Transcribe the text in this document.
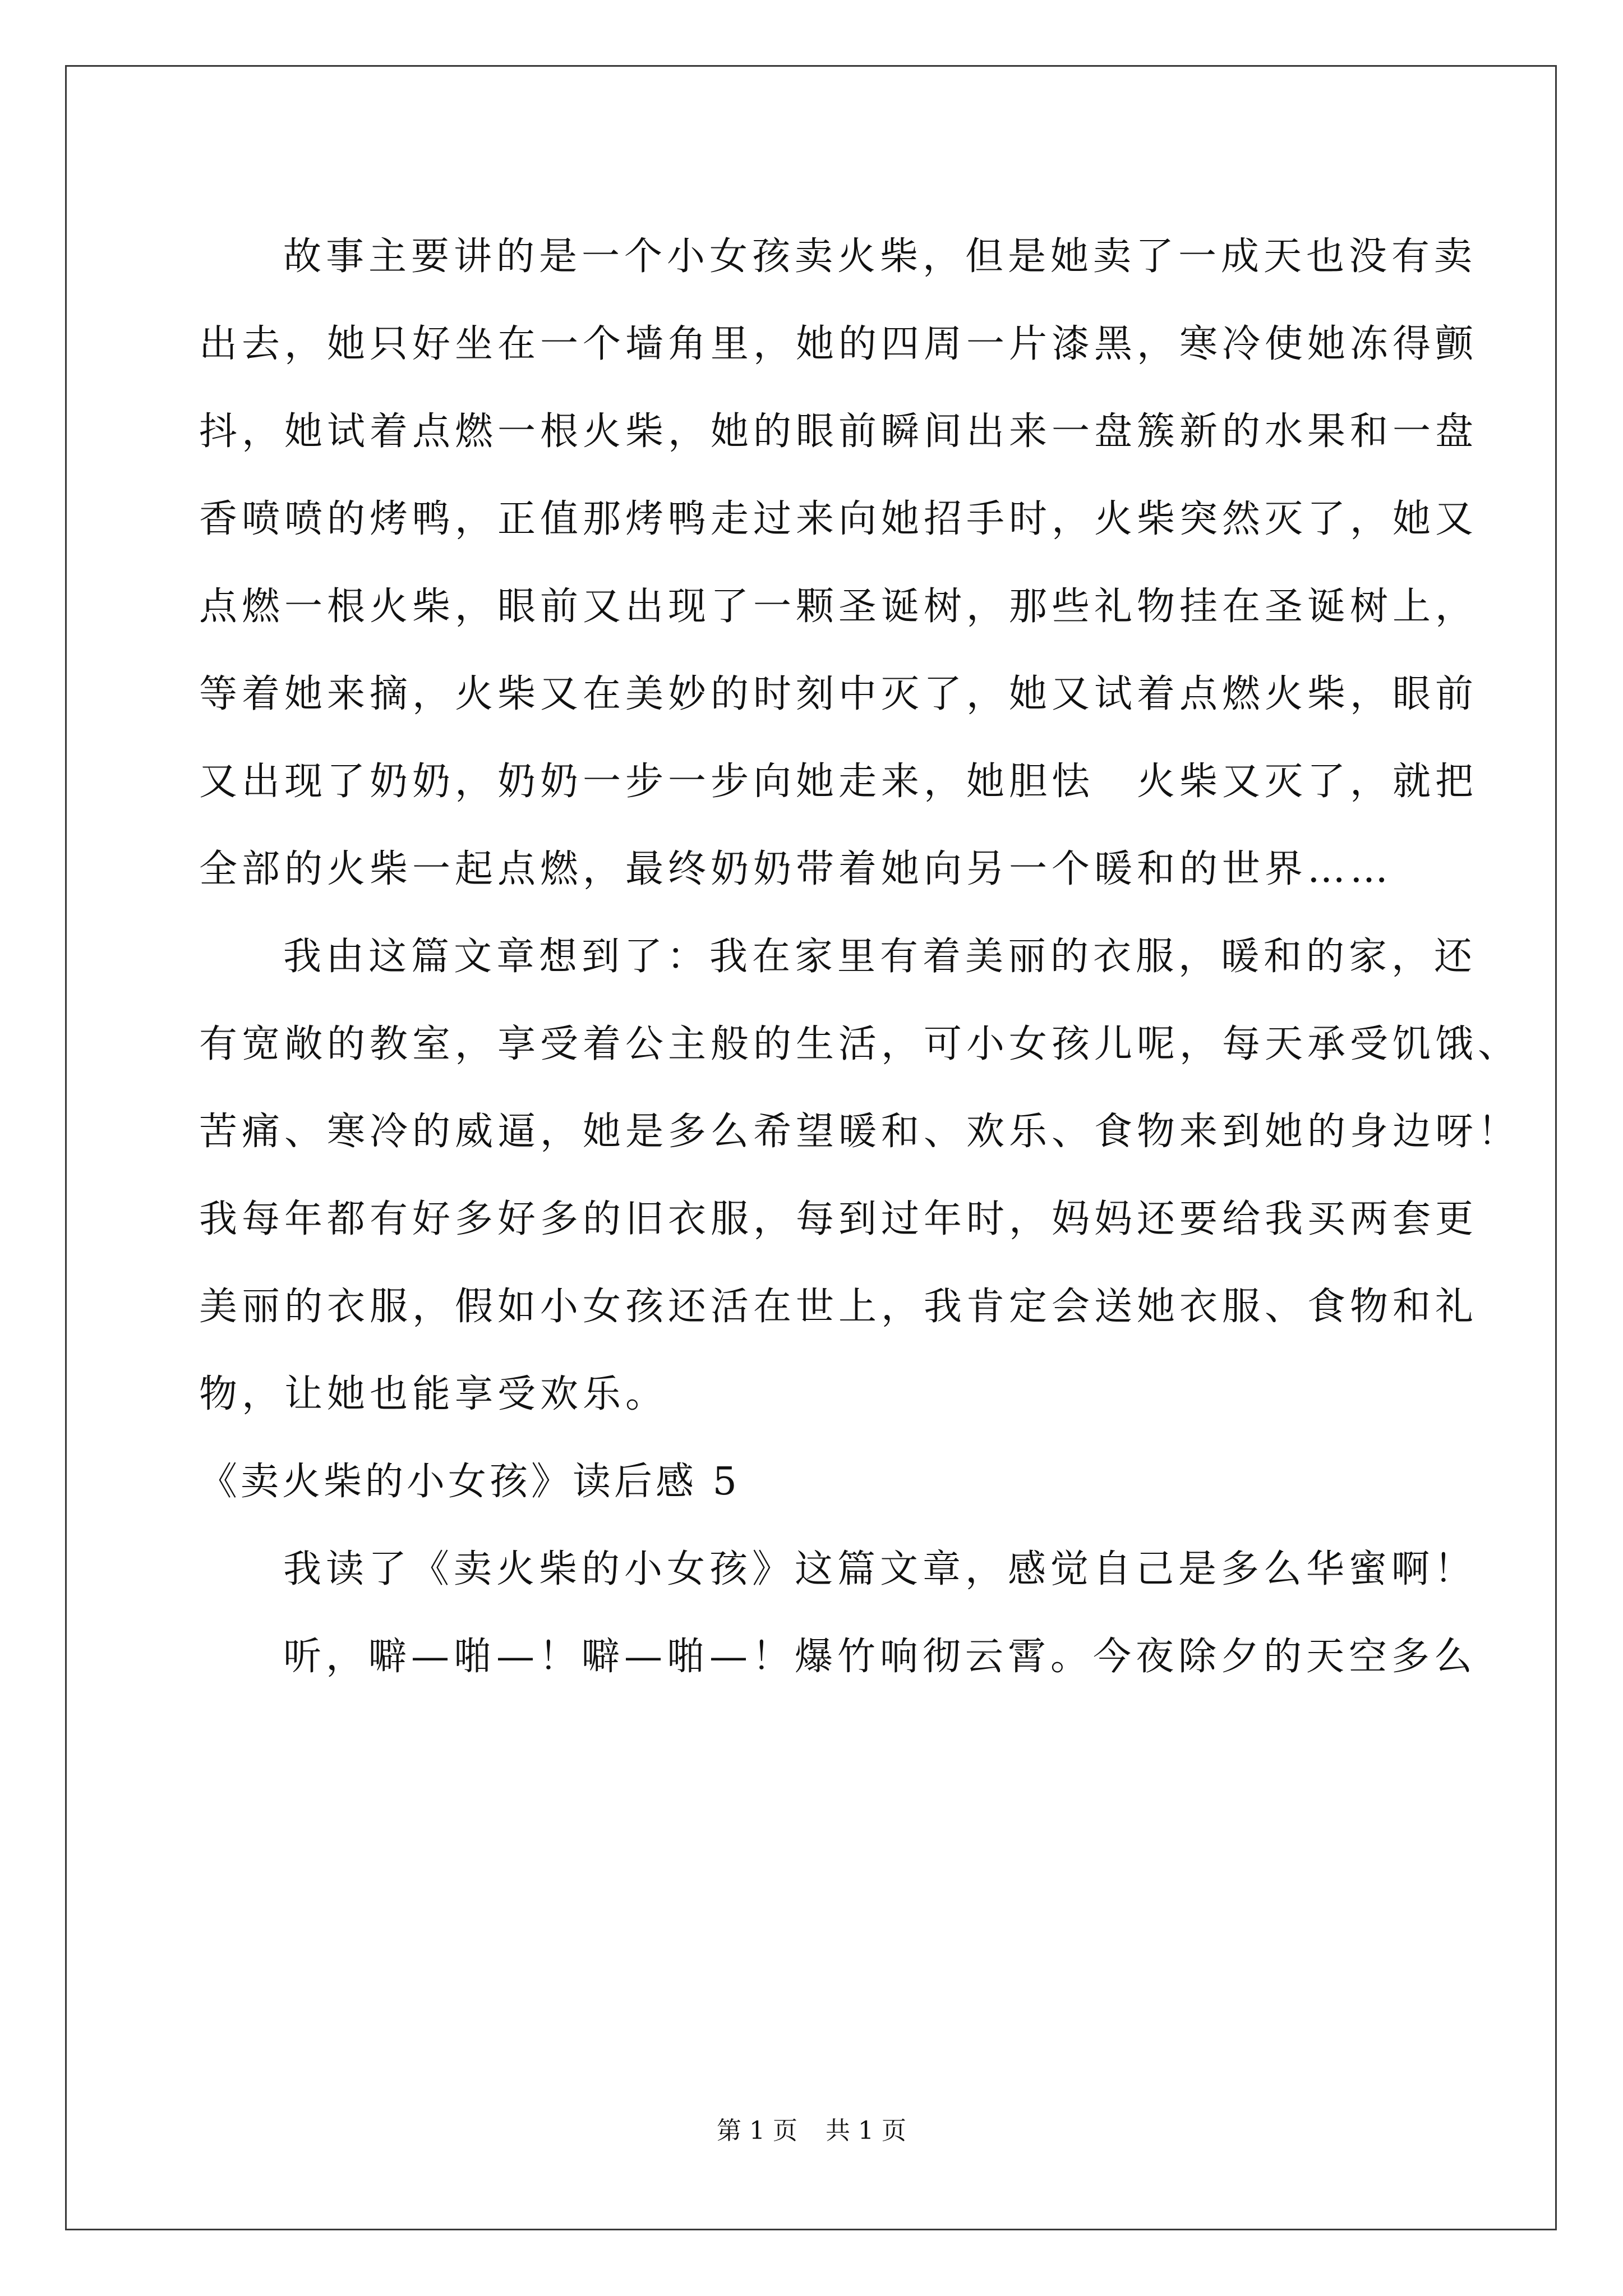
故事主要讲的是一个小女孩卖火柴，但是她卖了一成天也没有卖
出去，她只好坐在一个墙角里，她的四周一片漆黑，寒冷使她冻得颤
抖，她试着点燃一根火柴，她的眼前瞬间出来一盘簇新的水果和一盘
香喷喷的烤鸭，正值那烤鸭走过来向她招手时，火柴突然灭了，她又
点燃一根火柴，眼前又出现了一颗圣诞树，那些礼物挂在圣诞树上，
等着她来摘，火柴又在美妙的时刻中灭了，她又试着点燃火柴，眼前
又出现了奶奶，奶奶一步一步向她走来，她胆怯　火柴又灭了，就把
全部的火柴一起点燃，最终奶奶带着她向另一个暖和的世界……

我由这篇文章想到了：我在家里有着美丽的衣服，暖和的家，还
有宽敞的教室，享受着公主般的生活，可小女孩儿呢，每天承受饥饿、
苦痛、寒冷的威逼，她是多么希望暖和、欢乐、食物来到她的身边呀！
我每年都有好多好多的旧衣服，每到过年时，妈妈还要给我买两套更
美丽的衣服，假如小女孩还活在世上，我肯定会送她衣服、食物和礼
物，让她也能享受欢乐。

《卖火柴的小女孩》读后感 5

我读了《卖火柴的小女孩》这篇文章，感觉自己是多么华蜜啊！

听，噼—啪—！噼—啪—！爆竹响彻云霄。今夜除夕的天空多么

第 1 页 共 1 页
